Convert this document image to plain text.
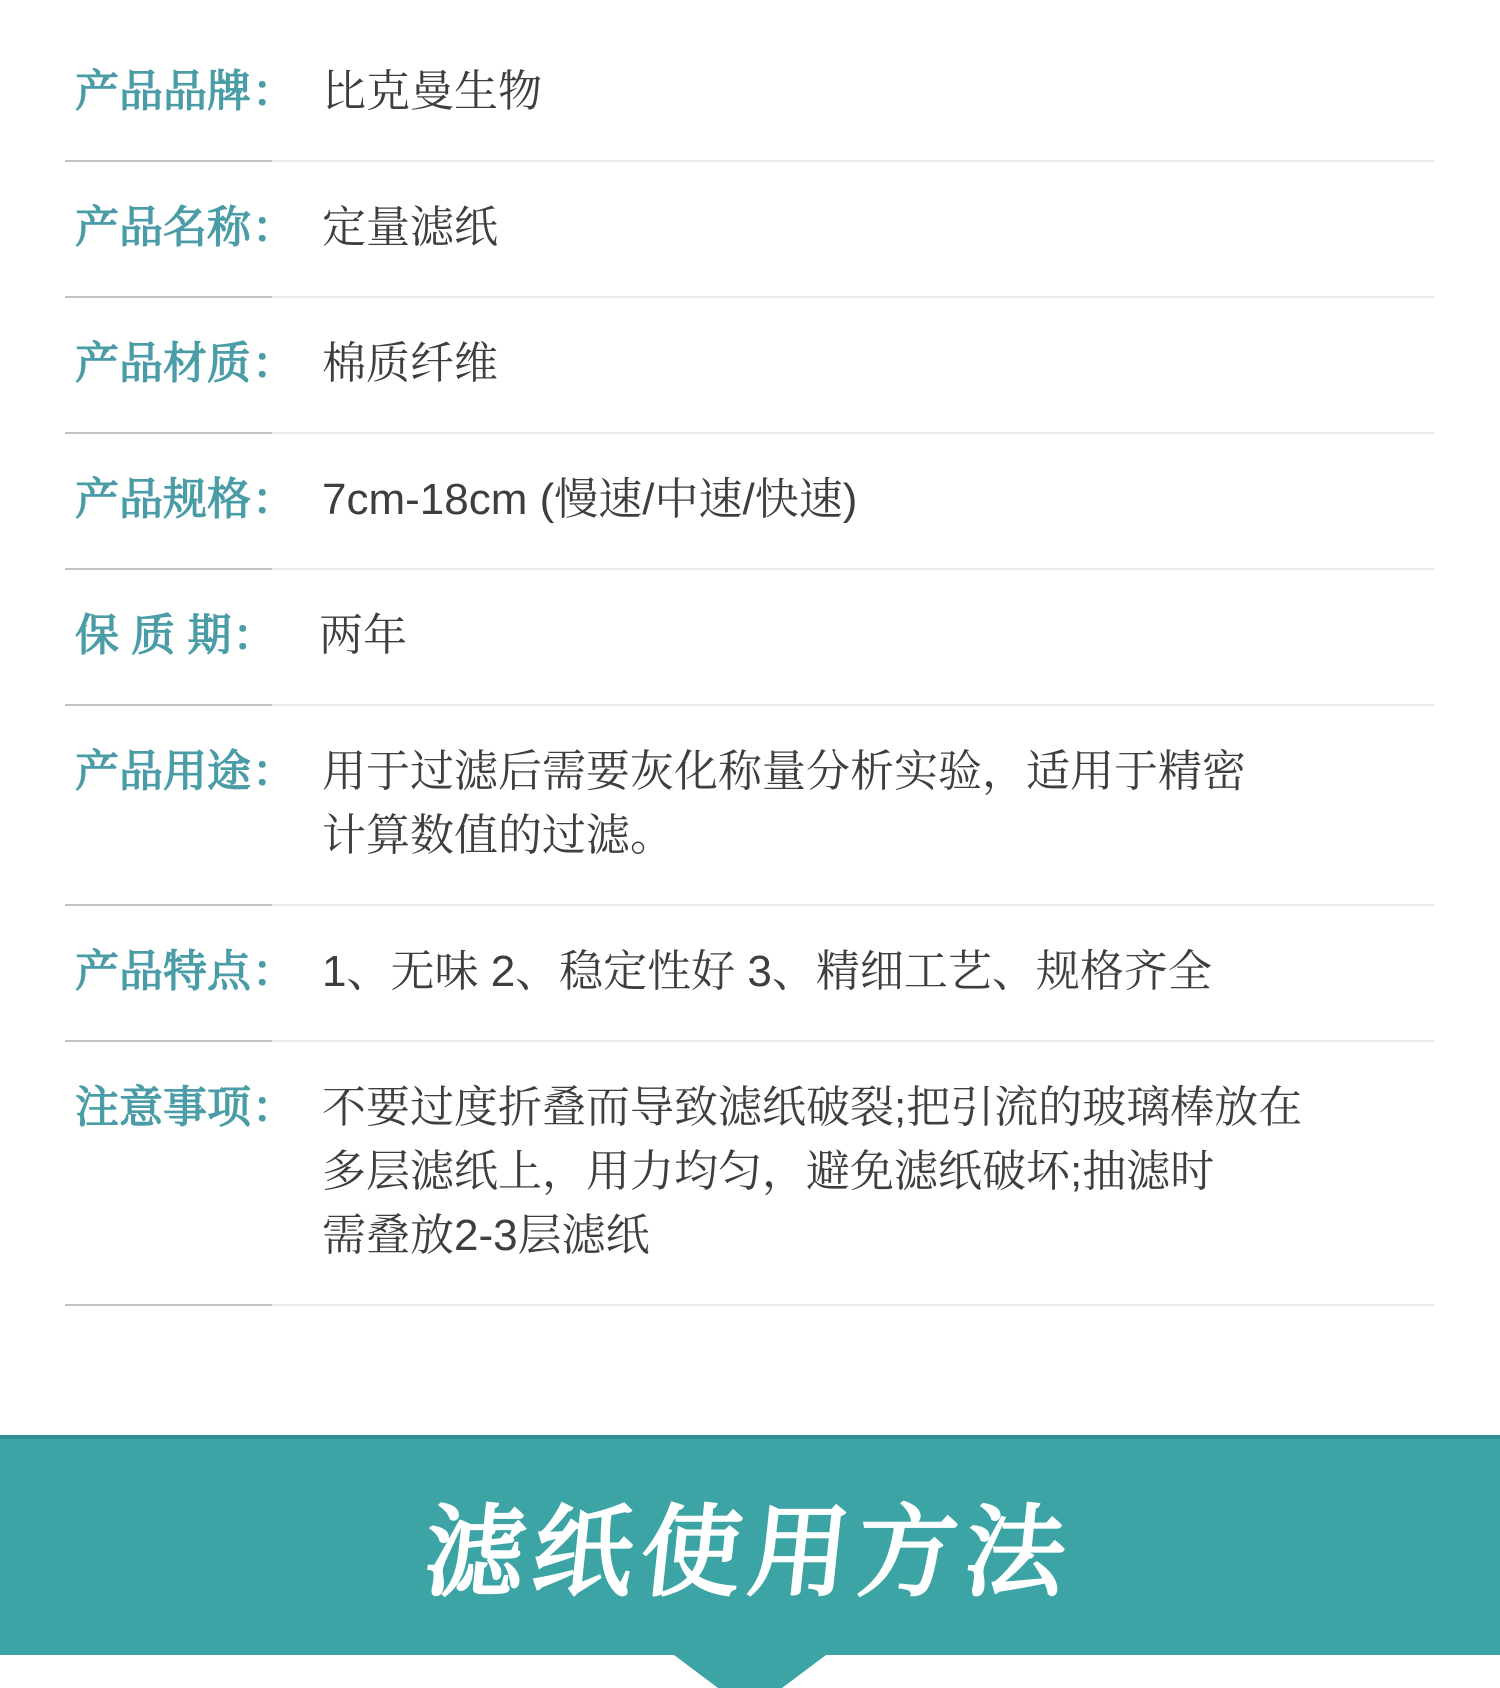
产品品牌 ： 比克曼生物
产品名称 ： 定量滤纸
产品材质 ： 棉质纤维
产品规格 ： 7cm-18cm (慢速/中速/快速)
保 质 期 ： 两年
产品用途 ： 用于过滤后需要灰化称量分析实验，适用于精密
计算数值的过滤。
产品特点 ： 1、无味 2、稳定性好 3、精细工艺、规格齐全
注意事项 ： 不要过度折叠而导致滤纸破裂;把引流的玻璃棒放在
多层滤纸上，用力均匀，避免滤纸破坏;抽滤时
需叠放2-3层滤纸
滤纸使用方法
